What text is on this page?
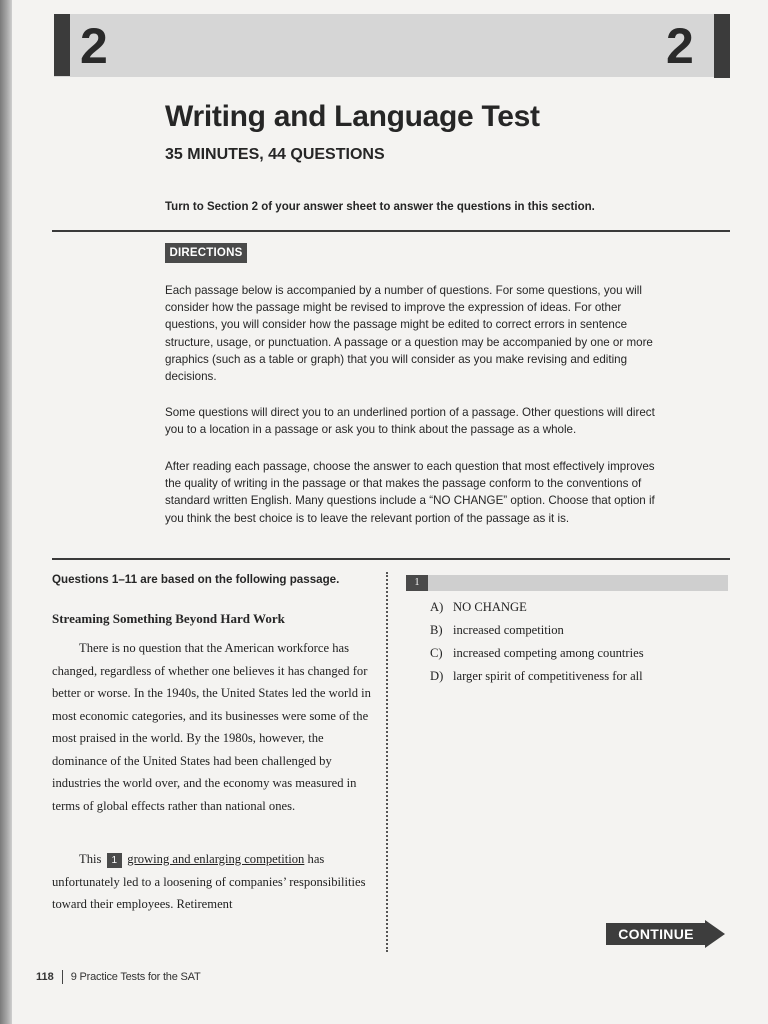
2	2
Writing and Language Test
35 MINUTES, 44 QUESTIONS
Turn to Section 2 of your answer sheet to answer the questions in this section.
DIRECTIONS

Each passage below is accompanied by a number of questions. For some questions, you will consider how the passage might be revised to improve the expression of ideas. For other questions, you will consider how the passage might be edited to correct errors in sentence structure, usage, or punctuation. A passage or a question may be accompanied by one or more graphics (such as a table or graph) that you will consider as you make revising and editing decisions.

Some questions will direct you to an underlined portion of a passage. Other questions will direct you to a location in a passage or ask you to think about the passage as a whole.

After reading each passage, choose the answer to each question that most effectively improves the quality of writing in the passage or that makes the passage conform to the conventions of standard written English. Many questions include a “NO CHANGE” option. Choose that option if you think the best choice is to leave the relevant portion of the passage as it is.

Questions 1–11 are based on the following passage.
Streaming Something Beyond Hard Work

There is no question that the American workforce has changed, regardless of whether one believes it has changed for better or worse. In the 1940s, the United States led the world in most economic categories, and its businesses were some of the most praised in the world. By the 1980s, however, the dominance of the United States had been challenged by industries the world over, and the economy was measured in terms of global effects rather than national ones.

This 1 growing and enlarging competition has unfortunately led to a loosening of companies’ responsibilities toward their employees. Retirement

1
A) NO CHANGE
B) increased competition
C) increased competing among countries
D) larger spirit of competitiveness for all
CONTINUE
118 9 Practice Tests for the SAT
